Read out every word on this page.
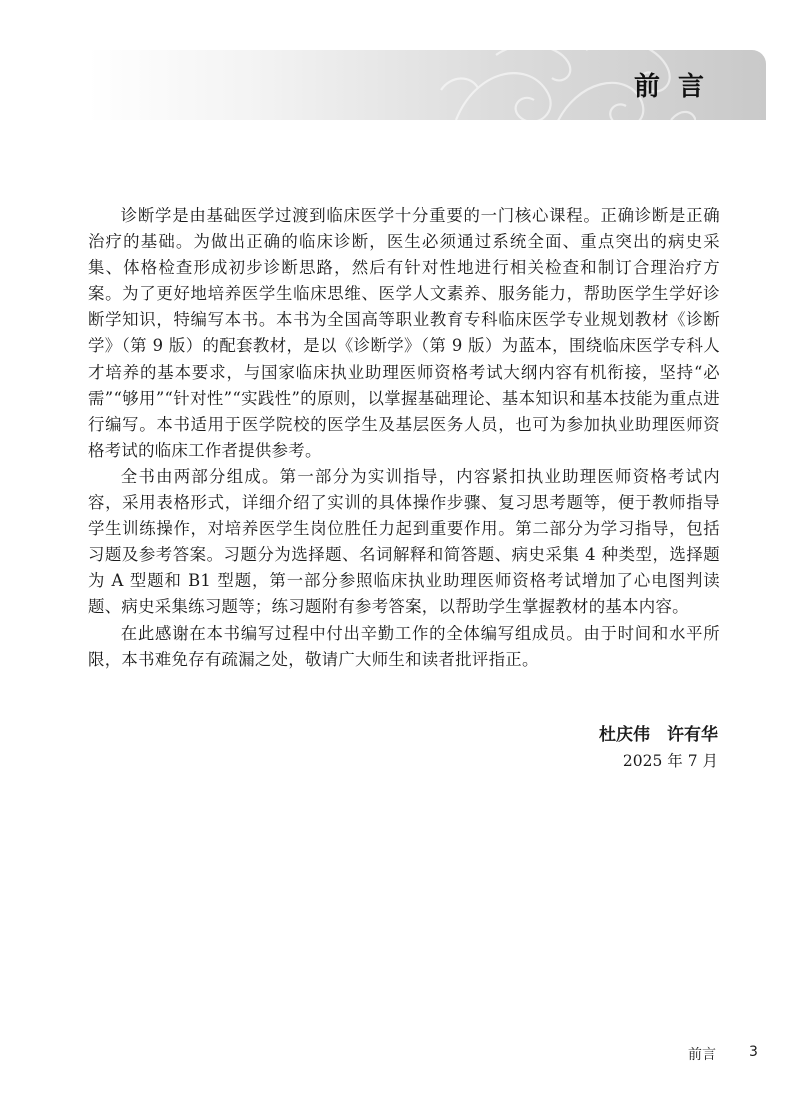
前言

诊断学是由基础医学过渡到临床医学十分重要的一门核心课程。正确诊断是正确治疗的基础。为做出正确的临床诊断，医生必须通过系统全面、重点突出的病史采集、体格检查形成初步诊断思路，然后有针对性地进行相关检查和制订合理治疗方案。为了更好地培养医学生临床思维、医学人文素养、服务能力，帮助医学生学好诊断学知识，特编写本书。本书为全国高等职业教育专科临床医学专业规划教材《诊断学》（第 9 版）的配套教材，是以《诊断学》（第 9 版）为蓝本，围绕临床医学专科人才培养的基本要求，与国家临床执业助理医师资格考试大纲内容有机衔接，坚持“必需”“够用”“针对性”“实践性”的原则，以掌握基础理论、基本知识和基本技能为重点进行编写。本书适用于医学院校的医学生及基层医务人员，也可为参加执业助理医师资格考试的临床工作者提供参考。

全书由两部分组成。第一部分为实训指导，内容紧扣执业助理医师资格考试内容，采用表格形式，详细介绍了实训的具体操作步骤、复习思考题等，便于教师指导学生训练操作，对培养医学生岗位胜任力起到重要作用。第二部分为学习指导，包括习题及参考答案。习题分为选择题、名词解释和简答题、病史采集 4 种类型，选择题为 A 型题和 B1 型题，第一部分参照临床执业助理医师资格考试增加了心电图判读题、病史采集练习题等；练习题附有参考答案，以帮助学生掌握教材的基本内容。

在此感谢在本书编写过程中付出辛勤工作的全体编写组成员。由于时间和水平所限，本书难免存有疏漏之处，敬请广大师生和读者批评指正。

杜庆伟　许有华
2025 年 7 月
前言 3
